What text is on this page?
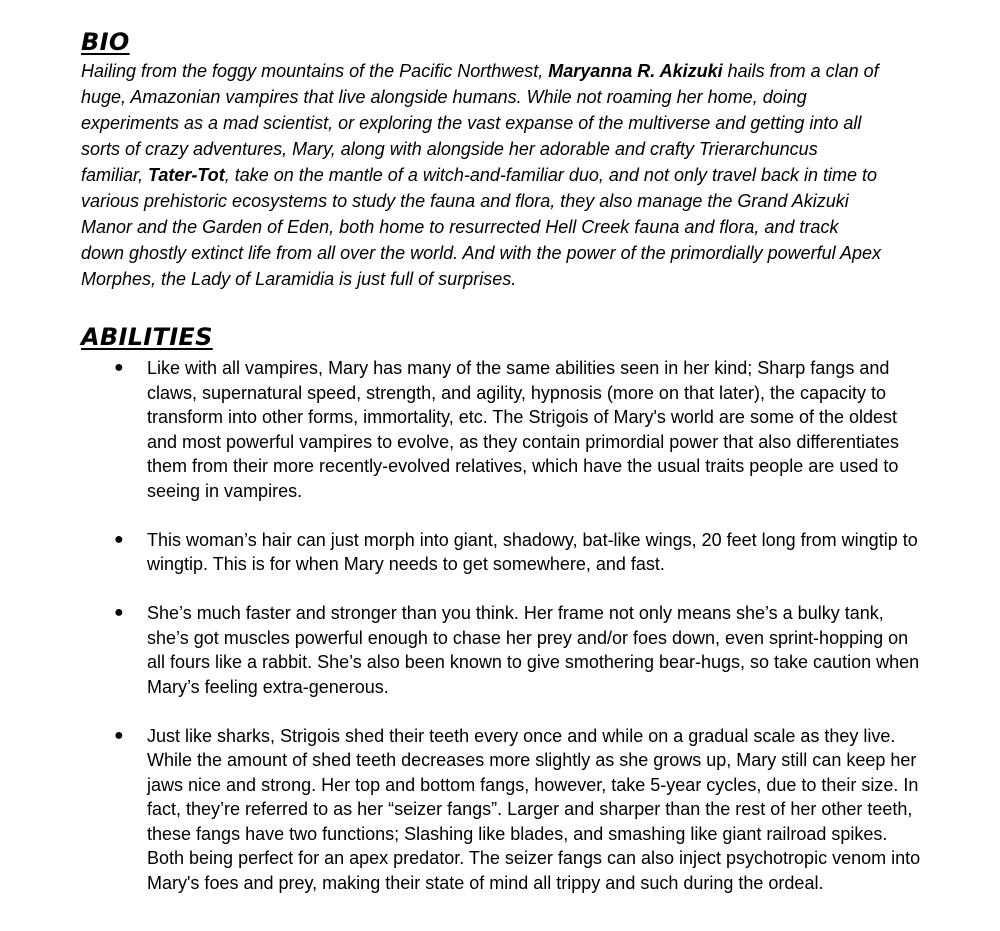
BIO

Hailing from the foggy mountains of the Pacific Northwest, Maryanna R. Akizuki hails from a clan of
huge, Amazonian vampires that live alongside humans. While not roaming her home, doing
experiments as a mad scientist, or exploring the vast expanse of the multiverse and getting into all
sorts of crazy adventures, Mary, along with alongside her adorable and crafty Trierarchuncus
familiar, Tater-Tot, take on the mantle of a witch-and-familiar duo, and not only travel back in time to
various prehistoric ecosystems to study the fauna and flora, they also manage the Grand Akizuki
Manor and the Garden of Eden, both home to resurrected Hell Creek fauna and flora, and track
down ghostly extinct life from all over the world. And with the power of the primordially powerful Apex
Morphes, the Lady of Laramidia is just full of surprises.

ABILITIES
● Like with all vampires, Mary has many of the same abilities seen in her kind; Sharp fangs and
claws, supernatural speed, strength, and agility, hypnosis (more on that later), the capacity to
transform into other forms, immortality, etc. The Strigois of Mary's world are some of the oldest
and most powerful vampires to evolve, as they contain primordial power that also differentiates
them from their more recently-evolved relatives, which have the usual traits people are used to
seeing in vampires.
● This woman’s hair can just morph into giant, shadowy, bat-like wings, 20 feet long from wingtip to
wingtip. This is for when Mary needs to get somewhere, and fast.
● She’s much faster and stronger than you think. Her frame not only means she’s a bulky tank,
she’s got muscles powerful enough to chase her prey and/or foes down, even sprint-hopping on
all fours like a rabbit. She’s also been known to give smothering bear-hugs, so take caution when
Mary’s feeling extra-generous.
● Just like sharks, Strigois shed their teeth every once and while on a gradual scale as they live.
While the amount of shed teeth decreases more slightly as she grows up, Mary still can keep her
jaws nice and strong. Her top and bottom fangs, however, take 5-year cycles, due to their size. In
fact, they’re referred to as her “seizer fangs”. Larger and sharper than the rest of her other teeth,
these fangs have two functions; Slashing like blades, and smashing like giant railroad spikes.
Both being perfect for an apex predator. The seizer fangs can also inject psychotropic venom into
Mary's foes and prey, making their state of mind all trippy and such during the ordeal.
